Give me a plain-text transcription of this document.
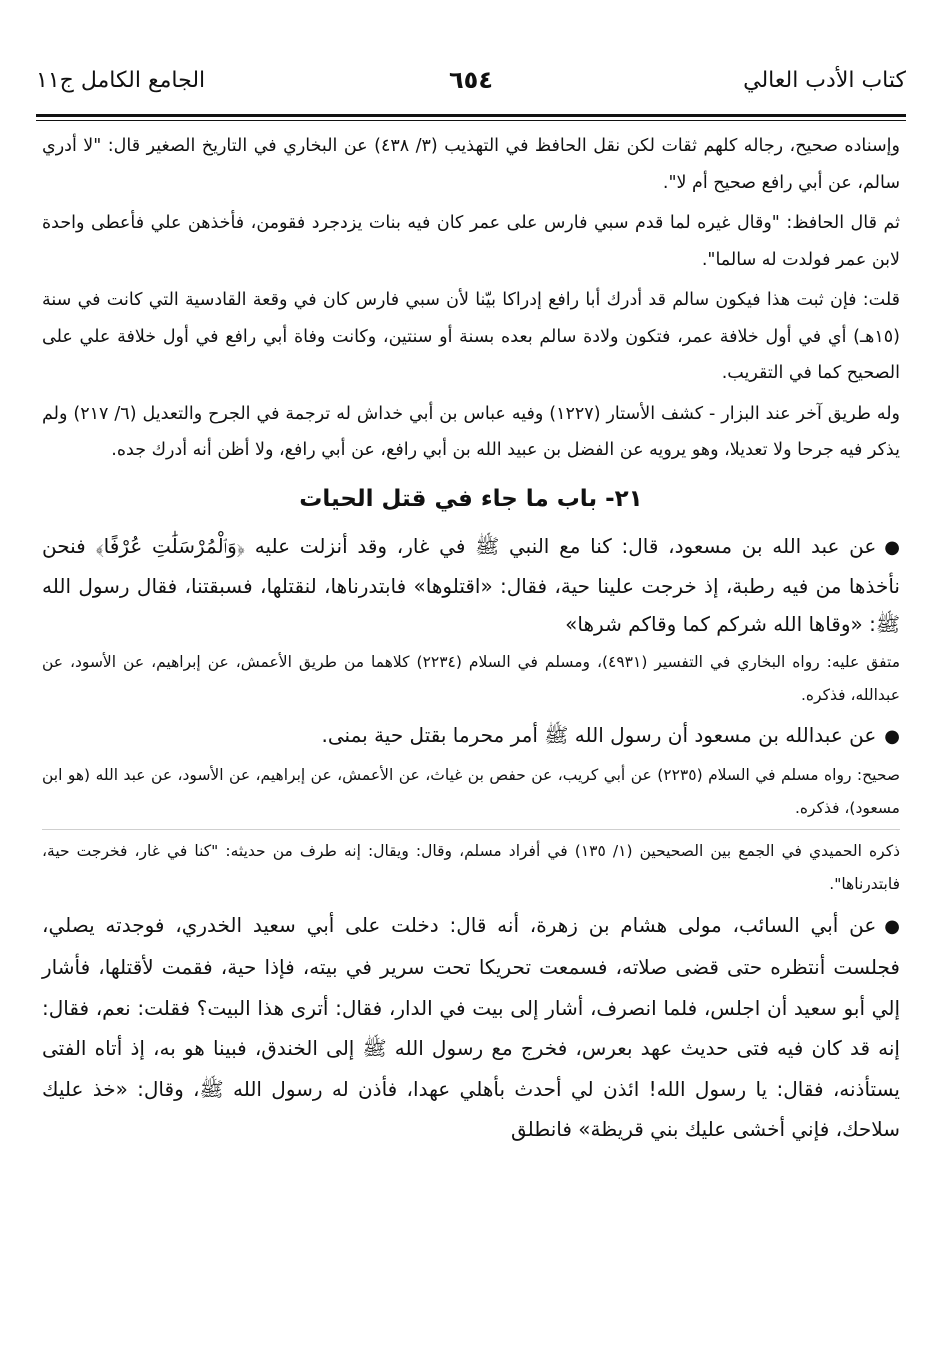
كتاب الأدب العالي
٦٥٤
الجامع الكامل ج١١

وإسناده صحيح، رجاله كلهم ثقات لكن نقل الحافظ في التهذيب (٣/ ٤٣٨) عن البخاري في التاريخ الصغير قال: "لا أدري سالم، عن أبي رافع صحيح أم لا".

ثم قال الحافظ: "وقال غيره لما قدم سبي فارس على عمر كان فيه بنات يزدجرد فقومن، فأخذهن علي فأعطى واحدة لابن عمر فولدت له سالما".

قلت: فإن ثبت هذا فيكون سالم قد أدرك أبا رافع إدراكا بيّنا لأن سبي فارس كان في وقعة القادسية التي كانت في سنة (١٥هـ) أي في أول خلافة عمر، فتكون ولادة سالم بعده بسنة أو سنتين، وكانت وفاة أبي رافع في أول خلافة علي على الصحيح كما في التقريب.

وله طريق آخر عند البزار - كشف الأستار (١٢٢٧) وفيه عباس بن أبي خداش له ترجمة في الجرح والتعديل (٦/ ٢١٧) ولم يذكر فيه جرحا ولا تعديلا، وهو يرويه عن الفضل بن عبيد الله بن أبي رافع، عن أبي رافع، ولا أظن أنه أدرك جده.

٢١- باب ما جاء في قتل الحيات

●عن عبد الله بن مسعود، قال: كنا مع النبي ﷺ في غار، وقد أنزلت عليه ﴿وَٱلْمُرْسَلَٰتِ عُرْفًا﴾ فنحن نأخذها من فيه رطبة، إذ خرجت علينا حية، فقال: «اقتلوها» فابتدرناها، لنقتلها، فسبقتنا، فقال رسول الله ﷺ: «وقاها الله شركم كما وقاكم شرها»

متفق عليه: رواه البخاري في التفسير (٤٩٣١)، ومسلم في السلام (٢٢٣٤) كلاهما من طريق الأعمش، عن إبراهيم، عن الأسود، عن عبدالله، فذكره.

●عن عبدالله بن مسعود أن رسول الله ﷺ أمر محرما بقتل حية بمنى.

صحيح: رواه مسلم في السلام (٢٢٣٥) عن أبي كريب، عن حفص بن غياث، عن الأعمش، عن إبراهيم، عن الأسود، عن عبد الله (هو ابن مسعود)، فذكره.

ذكره الحميدي في الجمع بين الصحيحين (١/ ١٣٥) في أفراد مسلم، وقال: ويقال: إنه طرف من حديثه: "كنا في غار، فخرجت حية، فابتدرناها".

●عن أبي السائب، مولى هشام بن زهرة، أنه قال: دخلت على أبي سعيد الخدري، فوجدته يصلي، فجلست أنتظره حتى قضى صلاته، فسمعت تحريكا تحت سرير في بيته، فإذا حية، فقمت لأقتلها، فأشار إلي أبو سعيد أن اجلس، فلما انصرف، أشار إلى بيت في الدار، فقال: أترى هذا البيت؟ فقلت: نعم، فقال: إنه قد كان فيه فتى حديث عهد بعرس، فخرج مع رسول الله ﷺ إلى الخندق، فبينا هو به، إذ أتاه الفتى يستأذنه، فقال: يا رسول الله! ائذن لي أحدث بأهلي عهدا، فأذن له رسول الله ﷺ، وقال: «خذ عليك سلاحك، فإني أخشى عليك بني قريظة» فانطلق
